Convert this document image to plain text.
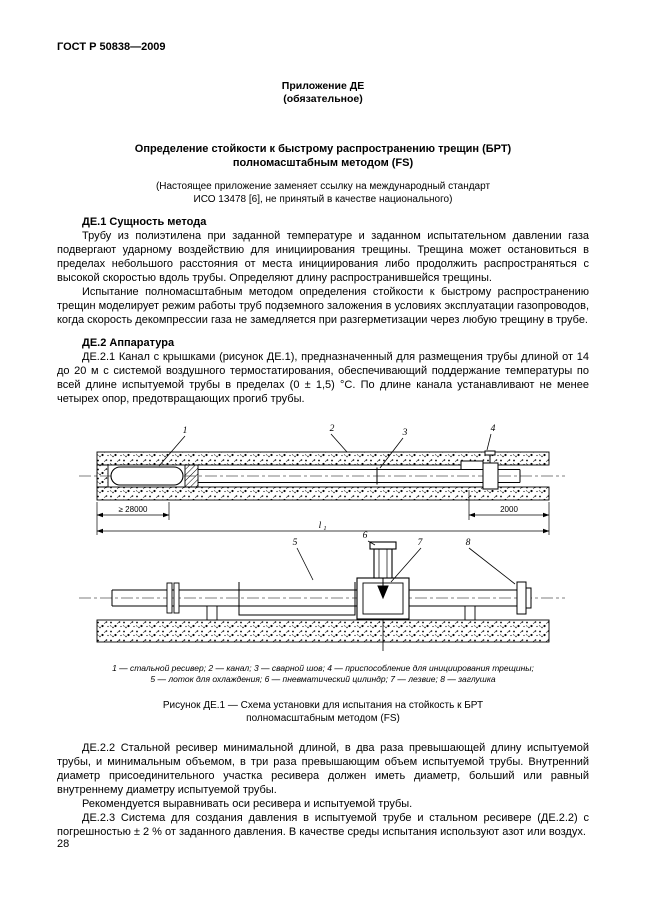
ГОСТ Р 50838—2009
Приложение ДЕ
(обязательное)
Определение стойкости к быстрому распространению трещин (БРТ)
полномасштабным методом (FS)
(Настоящее приложение заменяет ссылку на международный стандарт
ИСО 13478 [6], не принятый в качестве национального)
ДЕ.1 Сущность метода

Трубу из полиэтилена при заданной температуре и заданном испытательном давлении газа подвергают ударному воздействию для инициирования трещины. Трещина может остановиться в пределах небольшого расстояния от места инициирования либо продолжить распространяться с высокой скоростью вдоль трубы. Определяют длину распространившейся трещины.

Испытание полномасштабным методом определения стойкости к быстрому распространению трещин моделирует режим работы труб подземного заложения в условиях эксплуатации газопроводов, когда скорость декомпрессии газа не замедляется при разгерметизации через любую трещину в трубе.

ДЕ.2 Аппаратура

ДЕ.2.1 Канал с крышками (рисунок ДЕ.1), предназначенный для размещения трубы длиной от 14 до 20 м с системой воздушного термостатирования, обеспечивающий поддержание температуры по всей длине испытуемой трубы в пределах (0 ± 1,5) °С. По длине канала устанавливают не менее четырех опор, предотвращающих прогиб трубы.

1	2	3	4
≥ 28000	2000
l 1
5
6
7	8
1 — стальной ресивер; 2 — канал; 3 — сварной шов; 4 — приспособление для инициирования трещины;
5 — лоток для охлаждения; 6 — пневматический цилиндр; 7 — лезвие; 8 — заглушка
Рисунок ДЕ.1 — Схема установки для испытания на стойкость к БРТ
полномасштабным методом (FS)

ДЕ.2.2 Стальной ресивер минимальной длиной, в два раза превышающей длину испытуемой трубы, и минимальным объемом, в три раза превышающим объем испытуемой трубы. Внутренний диаметр присоединительного участка ресивера должен иметь диаметр, больший или равный внутреннему диаметру испытуемой трубы.

Рекомендуется выравнивать оси ресивера и испытуемой трубы.

ДЕ.2.3 Система для создания давления в испытуемой трубе и стальном ресивере (ДЕ.2.2) с погрешностью ± 2 % от заданного давления. В качестве среды испытания используют азот или воздух.

28
